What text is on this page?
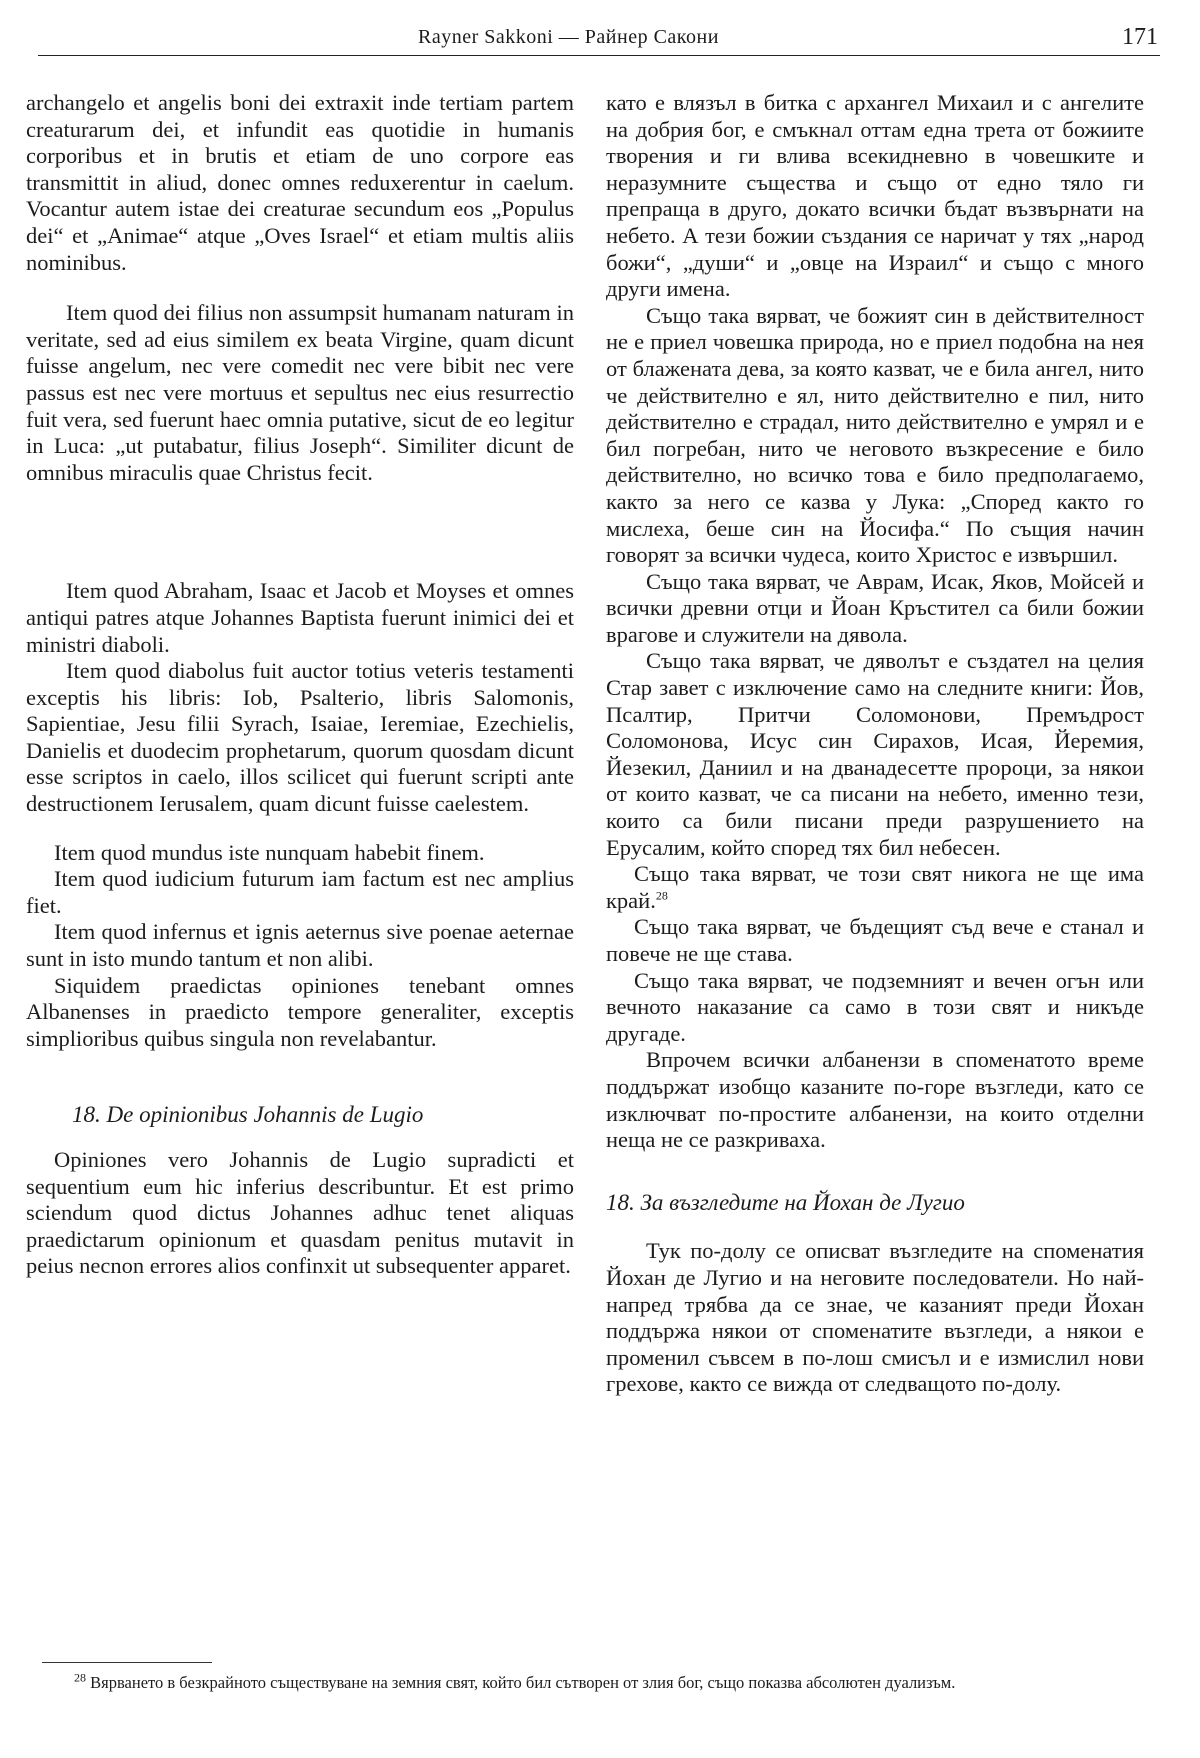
Rayner Sakkoni — Райнер Сакони	171

archangelo et angelis boni dei extraxit inde tertiam partem creaturarum dei, et infundit eas quotidie in humanis corporibus et in brutis et etiam de uno corpore eas transmittit in aliud, donec omnes reduxerentur in caelum. Vocantur autem istae dei creaturae secundum eos „Populus dei“ et „Animae“ atque „Oves Israel“ et etiam multis aliis nominibus.

Item quod dei filius non assumpsit humanam naturam in veritate, sed ad eius similem ex beata Virgine, quam dicunt fuisse angelum, nec vere comedit nec vere bibit nec vere passus est nec vere mortuus et sepultus nec eius resurrectio fuit vera, sed fuerunt haec omnia putative, sicut de eo legitur in Luca: „ut putabatur, filius Joseph“. Similiter dicunt de omnibus miraculis quae Christus fecit.

Item quod Abraham, Isaac et Jacob et Moyses et omnes antiqui patres atque Johannes Baptista fuerunt inimici dei et ministri diaboli.

Item quod diabolus fuit auctor totius veteris testamenti exceptis his libris: Iob, Psalterio, libris Salomonis, Sapientiae, Jesu filii Syrach, Isaiae, Ieremiae, Ezechielis, Danielis et duodecim prophetarum, quorum quosdam dicunt esse scriptos in caelo, illos scilicet qui fuerunt scripti ante destructionem Ierusalem, quam dicunt fuisse caelestem.

Item quod mundus iste nunquam habebit finem.

Item quod iudicium futurum iam factum est nec amplius fiet.

Item quod infernus et ignis aeternus sive poenae aeternae sunt in isto mundo tantum et non alibi.

Siquidem praedictas opiniones tenebant omnes Albanenses in praedicto tempore generaliter, exceptis simplioribus quibus singula non revelabantur.

18. De opinionibus Johannis de Lugio

Opiniones vero Johannis de Lugio supradicti et sequentium eum hic inferius describuntur. Et est primo sciendum quod dictus Johannes adhuc tenet aliquas praedictarum opinionum et quasdam penitus mutavit in peius necnon errores alios confinxit ut subsequenter apparet.

като е влязъл в битка с архангел Михаил и с ангелите на добрия бог, е смъкнал оттам една трета от божиите творения и ги влива всекидневно в човешките и неразумните същества и също от едно тяло ги препраща в друго, докато всички бъдат възвърнати на небето. А тези божии създания се наричат у тях „народ божи“, „души“ и „овце на Израил“ и също с много други имена.

Също така вярват, че божият син в действителност не е приел човешка природа, но е приел подобна на нея от блажената дева, за която казват, че е била ангел, нито че действително е ял, нито действително е пил, нито действително е страдал, нито действително е умрял и е бил погребан, нито че неговото възкресение е било действително, но всичко това е било предполагаемо, както за него се казва у Лука: „Според както го мислеха, беше син на Йосифа.“ По същия начин говорят за всички чудеса, които Христос е извършил.

Също така вярват, че Аврам, Исак, Яков, Мойсей и всички древни отци и Йоан Кръстител са били божии врагове и служители на дявола.

Също така вярват, че дяволът е създател на целия Стар завет с изключение само на следните книги: Йов, Псалтир, Притчи Соломонови, Премъдрост Соломонова, Исус син Сирахов, Исая, Йеремия, Йезекил, Даниил и на дванадесетте пророци, за някои от които казват, че са писани на небето, именно тези, които са били писани преди разрушението на Ерусалим, който според тях бил небесен.

Също така вярват, че този свят никога не ще има край.$^{28}$

Също така вярват, че бъдещият съд вече е станал и повече не ще става.

Също така вярват, че подземният и вечен огън или вечното наказание са само в този свят и никъде другаде.

Впрочем всички албанензи в споменатото време поддържат изобщо казаните по-горе възгледи, като се изключват по-простите албанензи, на които отделни неща не се разкриваха.

18. За възгледите на Йохан де Лугио

Тук по-долу се описват възгледите на споменатия Йохан де Лугио и на неговите последователи. Но най-напред трябва да се знае, че казаният преди Йохан поддържа някои от споменатите възгледи, а някои е променил съвсем в по-лош смисъл и е измислил нови грехове, както се вижда от следващото по-долу.

$^{28}$ Вярването в безкрайното съществуване на земния свят, който бил сътворен от злия бог, също показва абсолютен дуализъм.
